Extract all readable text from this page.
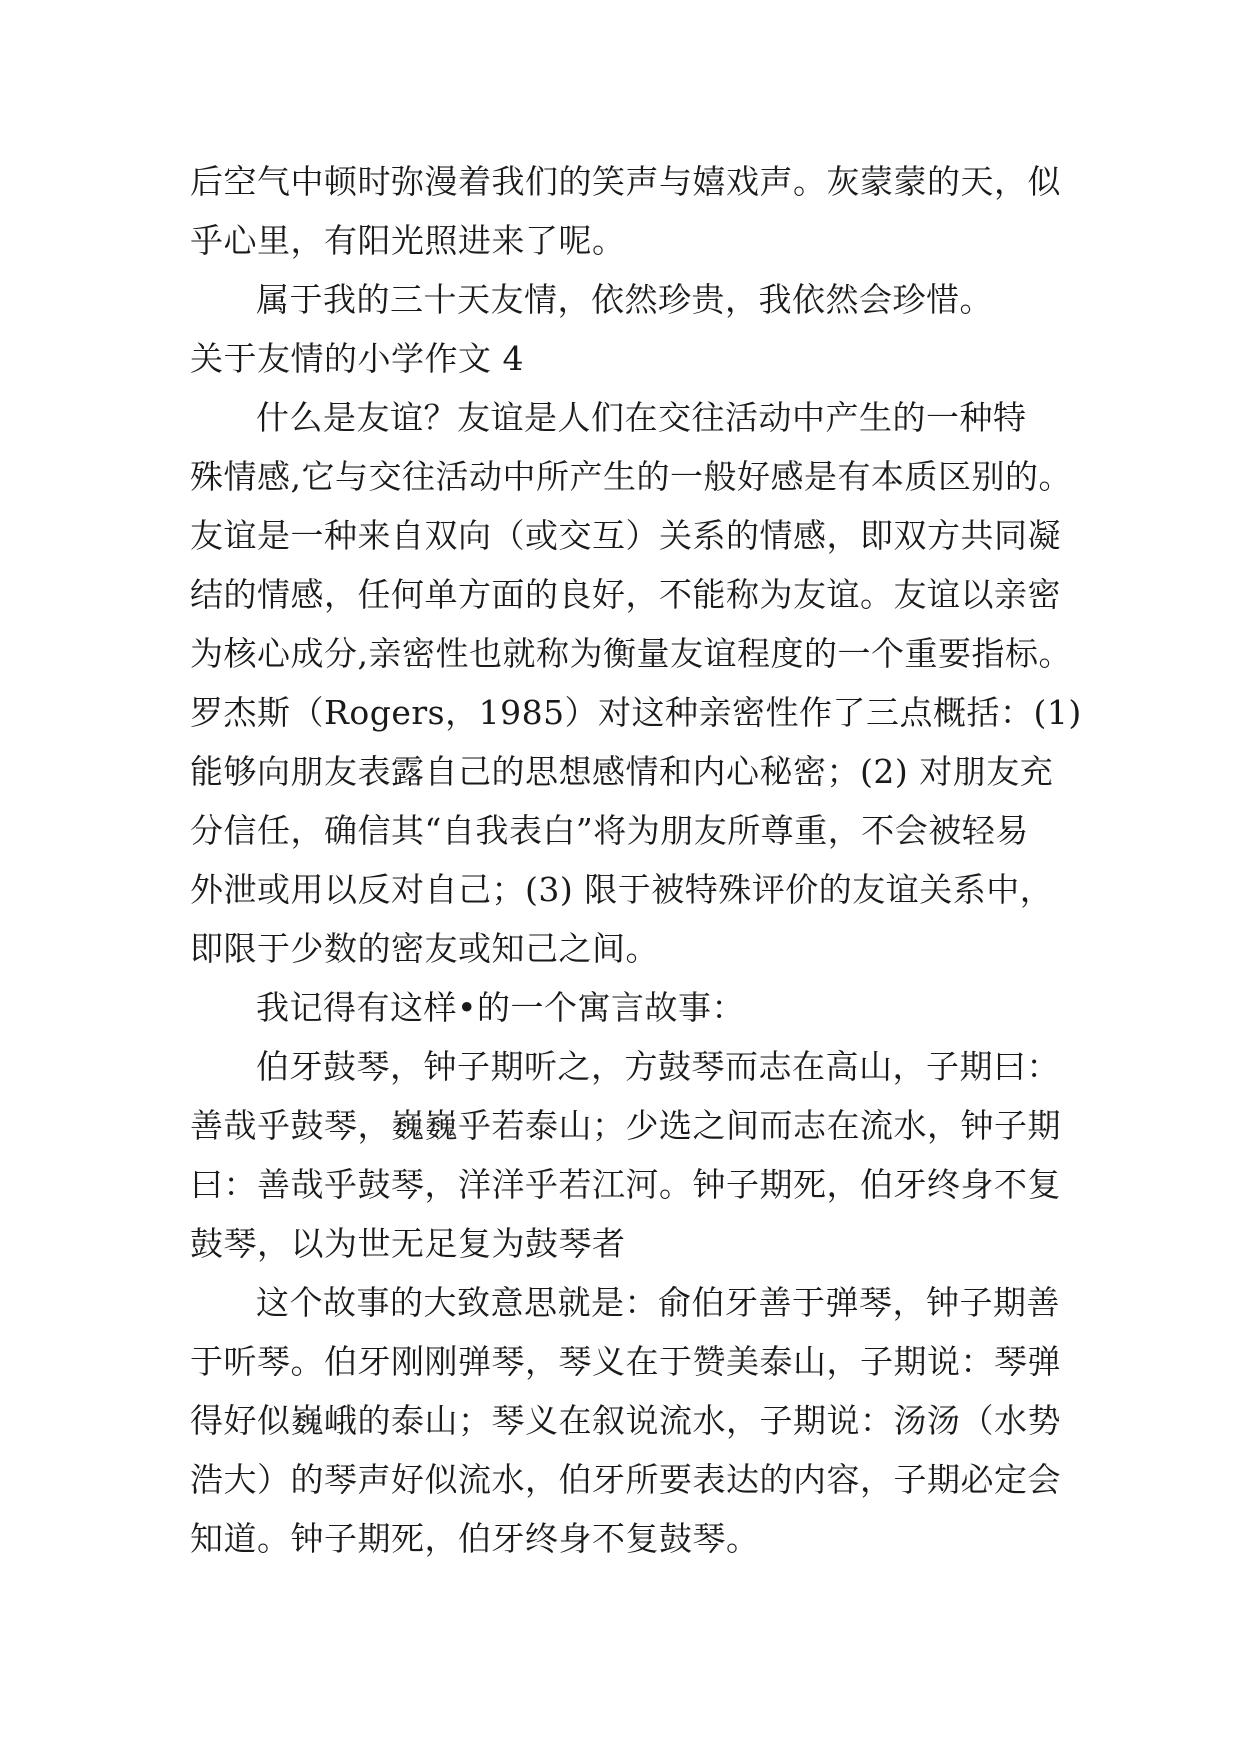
后空气中顿时弥漫着我们的笑声与嬉戏声。灰蒙蒙的天，似
乎心里，有阳光照进来了呢。
属于我的三十天友情，依然珍贵，我依然会珍惜。
关于友情的小学作文 4
什么是友谊？友谊是人们在交往活动中产生的一种特
殊情感,它与交往活动中所产生的一般好感是有本质区别的。
友谊是一种来自双向（或交互）关系的情感，即双方共同凝
结的情感，任何单方面的良好，不能称为友谊。友谊以亲密
为核心成分,亲密性也就称为衡量友谊程度的一个重要指标。
罗杰斯（Rogers，1985）对这种亲密性作了三点概括：(1)
能够向朋友表露自己的思想感情和内心秘密；(2) 对朋友充
分信任，确信其“自我表白”将为朋友所尊重，不会被轻易
外泄或用以反对自己；(3) 限于被特殊评价的友谊关系中，
即限于少数的密友或知己之间。
我记得有这样•的一个寓言故事：
伯牙鼓琴，钟子期听之，方鼓琴而志在高山，子期曰：
善哉乎鼓琴，巍巍乎若泰山；少选之间而志在流水，钟子期
曰：善哉乎鼓琴，洋洋乎若江河。钟子期死，伯牙终身不复
鼓琴，以为世无足复为鼓琴者
这个故事的大致意思就是：俞伯牙善于弹琴，钟子期善
于听琴。伯牙刚刚弹琴，琴义在于赞美泰山，子期说：琴弹
得好似巍峨的泰山；琴义在叙说流水，子期说：汤汤（水势
浩大）的琴声好似流水，伯牙所要表达的内容，子期必定会
知道。钟子期死，伯牙终身不复鼓琴。
